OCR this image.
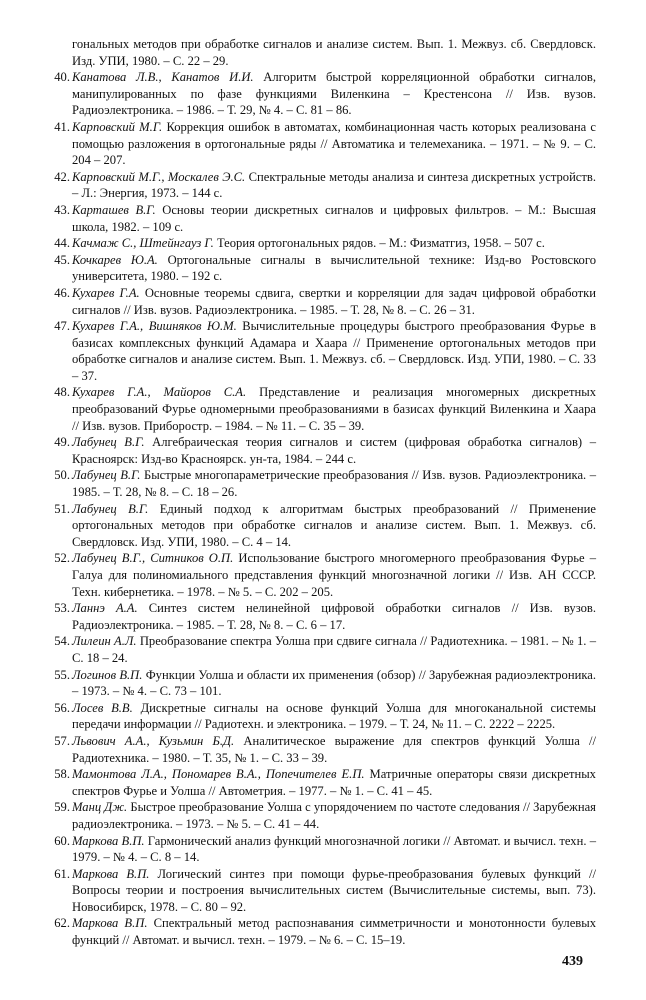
гональных методов при обработке сигналов и анализе систем. Вып. 1. Межвуз. сб. Свердловск. Изд. УПИ, 1980. – С. 22 – 29.

40. Канатова Л.В., Канатов И.И. Алгоритм быстрой корреляционной обработки сигналов, манипулированных по фазе функциями Виленкина – Крестенсона // Изв. вузов. Радиоэлектроника. – 1986. – Т. 29, № 4. – С. 81 – 86.

41. Карповский М.Г. Коррекция ошибок в автоматах, комбинационная часть которых реализована с помощью разложения в ортогональные ряды // Автоматика и телемеханика. – 1971. – № 9. – С. 204 – 207.

42. Карповский М.Г., Москалев Э.С. Спектральные методы анализа и синтеза дискретных устройств. – Л.: Энергия, 1973. – 144 с.

43. Карташев В.Г. Основы теории дискретных сигналов и цифровых фильтров. – М.: Высшая школа, 1982. – 109 с.

44. Качмаж С., Штейнгауз Г. Теория ортогональных рядов. – М.: Физматгиз, 1958. – 507 с.

45. Кочкарев Ю.А. Ортогональные сигналы в вычислительной технике: Изд-во Ростовского университета, 1980. – 192 с.

46. Кухарев Г.А. Основные теоремы сдвига, свертки и корреляции для задач цифровой обработки сигналов // Изв. вузов. Радиоэлектроника. – 1985. – Т. 28, № 8. – С. 26 – 31.

47. Кухарев Г.А., Вишняков Ю.М. Вычислительные процедуры быстрого преобразования Фурье в базисах комплексных функций Адамара и Хаара // Применение ортогональных методов при обработке сигналов и анализе систем. Вып. 1. Межвуз. сб. – Свердловск. Изд. УПИ, 1980. – С. 33 – 37.

48. Кухарев Г.А., Майоров С.А. Представление и реализация многомерных дискретных преобразований Фурье одномерными преобразованиями в базисах функций Виленкина и Хаара // Изв. вузов. Приборостр. – 1984. – № 11. – С. 35 – 39.

49. Лабунец В.Г. Алгебраическая теория сигналов и систем (цифровая обработка сигналов) – Красноярск: Изд-во Красноярск. ун-та, 1984. – 244 с.

50. Лабунец В.Г. Быстрые многопараметрические преобразования // Изв. вузов. Радиоэлектроника. – 1985. – Т. 28, № 8. – С. 18 – 26.

51. Лабунец В.Г. Единый подход к алгоритмам быстрых преобразований // Применение ортогональных методов при обработке сигналов и анализе систем. Вып. 1. Межвуз. сб. Свердловск. Изд. УПИ, 1980. – С. 4 – 14.

52. Лабунец В.Г., Ситников О.П. Использование быстрого многомерного преобразования Фурье – Галуа для полиномиального представления функций многозначной логики // Изв. АН СССР. Техн. кибернетика. – 1978. – № 5. – С. 202 – 205.

53. Ланнэ А.А. Синтез систем нелинейной цифровой обработки сигналов // Изв. вузов. Радиоэлектроника. – 1985. – Т. 28, № 8. – С. 6 – 17.

54. Лилеин А.Л. Преобразование спектра Уолша при сдвиге сигнала // Радиотехника. – 1981. – № 1. – С. 18 – 24.

55. Логинов В.П. Функции Уолша и области их применения (обзор) // Зарубежная радиоэлектроника. – 1973. – № 4. – С. 73 – 101.

56. Лосев В.В. Дискретные сигналы на основе функций Уолша для многоканальной системы передачи информации // Радиотехн. и электроника. – 1979. – Т. 24, № 11. – С. 2222 – 2225.

57. Львович А.А., Кузьмин Б.Д. Аналитическое выражение для спектров функций Уолша // Радиотехника. – 1980. – Т. 35, № 1. – С. 33 – 39.

58. Мамонтова Л.А., Пономарев В.А., Попечителев Е.П. Матричные операторы связи дискретных спектров Фурье и Уолша // Автометрия. – 1977. – № 1. – С. 41 – 45.

59. Манц Дж. Быстрое преобразование Уолша с упорядочением по частоте следования // Зарубежная радиоэлектроника. – 1973. – № 5. – С. 41 – 44.

60. Маркова В.П. Гармонический анализ функций многозначной логики // Автомат. и вычисл. техн. – 1979. – № 4. – С. 8 – 14.

61. Маркова В.П. Логический синтез при помощи фурье-преобразования булевых функций // Вопросы теории и построения вычислительных систем (Вычислительные системы, вып. 73). Новосибирск, 1978. – С. 80 – 92.

62. Маркова В.П. Спектральный метод распознавания симметричности и монотонности булевых функций // Автомат. и вычисл. техн. – 1979. – № 6. – С. 15–19.

439
